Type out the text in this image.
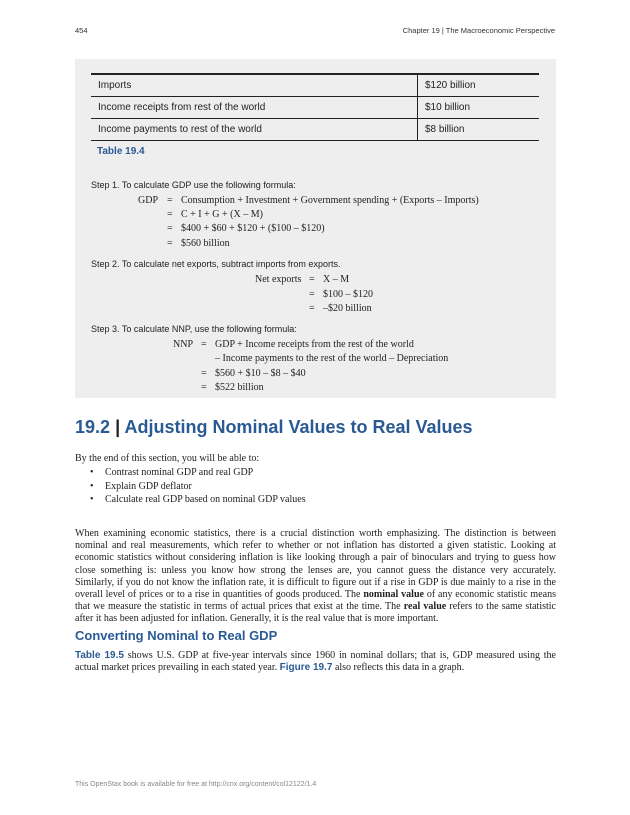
454	Chapter 19 | The Macroeconomic Perspective
Imports	$120 billion
Income receipts from rest of the world	$10 billion
Income payments to rest of the world	$8 billion
Table 19.4
Step 1. To calculate GDP use the following formula:
GDP = Consumption + Investment + Government spending + (Exports – Imports)
= C + I + G + (X – M)
= $400 + $60 + $120 + ($100 – $120)
= $560 billion
Step 2. To calculate net exports, subtract imports from exports.
Net exports = X – M
= $100 – $120
= –$20 billion
Step 3. To calculate NNP, use the following formula:
NNP = GDP + Income receipts from the rest of the world
– Income payments to the rest of the world – Depreciation
= $560 + $10 – $8 – $40
= $522 billion
19.2 | Adjusting Nominal Values to Real Values
By the end of this section, you will be able to:
• Contrast nominal GDP and real GDP
• Explain GDP deflator
• Calculate real GDP based on nominal GDP values
When examining economic statistics, there is a crucial distinction worth emphasizing. The distinction is between nominal and real measurements, which refer to whether or not inflation has distorted a given statistic. Looking at economic statistics without considering inflation is like looking through a pair of binoculars and trying to guess how close something is: unless you know how strong the lenses are, you cannot guess the distance very accurately. Similarly, if you do not know the inflation rate, it is difficult to figure out if a rise in GDP is due mainly to a rise in the overall level of prices or to a rise in quantities of goods produced. The nominal value of any economic statistic means that we measure the statistic in terms of actual prices that exist at the time. The real value refers to the same statistic after it has been adjusted for inflation. Generally, it is the real value that is more important.
Converting Nominal to Real GDP
Table 19.5 shows U.S. GDP at five-year intervals since 1960 in nominal dollars; that is, GDP measured using the actual market prices prevailing in each stated year. Figure 19.7 also reflects this data in a graph.
This OpenStax book is available for free at http://cnx.org/content/col12122/1.4
